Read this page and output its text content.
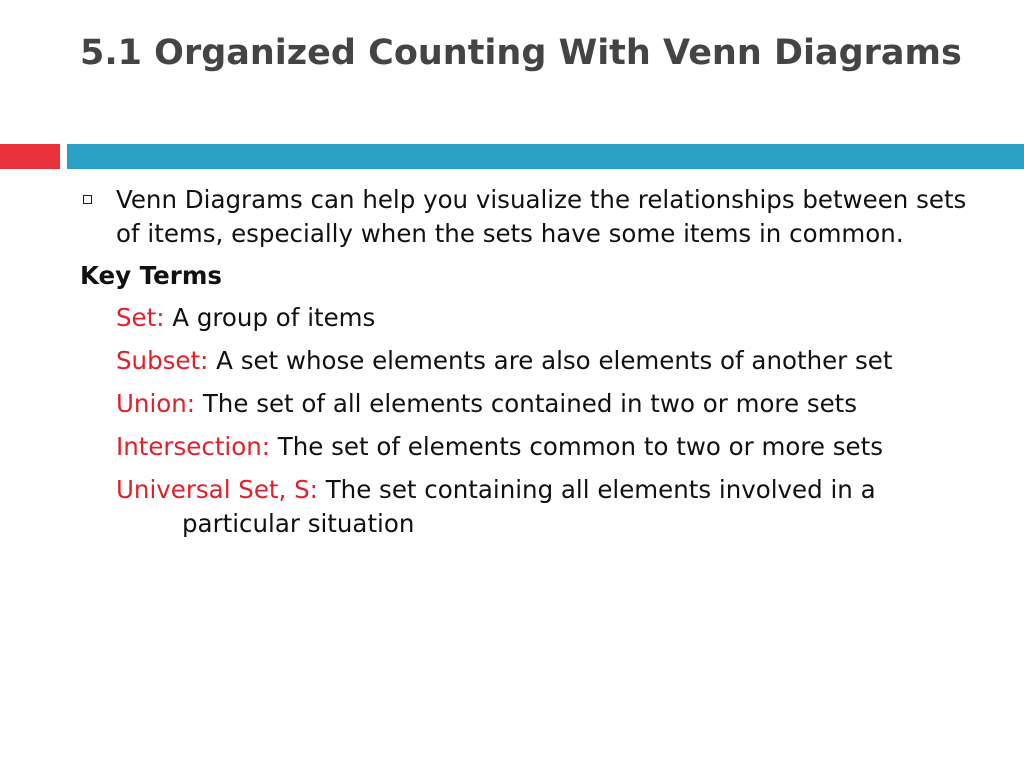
5.1 Organized Counting With Venn Diagrams
Venn Diagrams can help you visualize the relationships between sets of items, especially when the sets have some items in common.
Key Terms
Set: A group of items
Subset: A set whose elements are also elements of another set
Union: The set of all elements contained in two or more sets
Intersection: The set of elements common to two or more sets
Universal Set, S: The set containing all elements involved in a particular situation
